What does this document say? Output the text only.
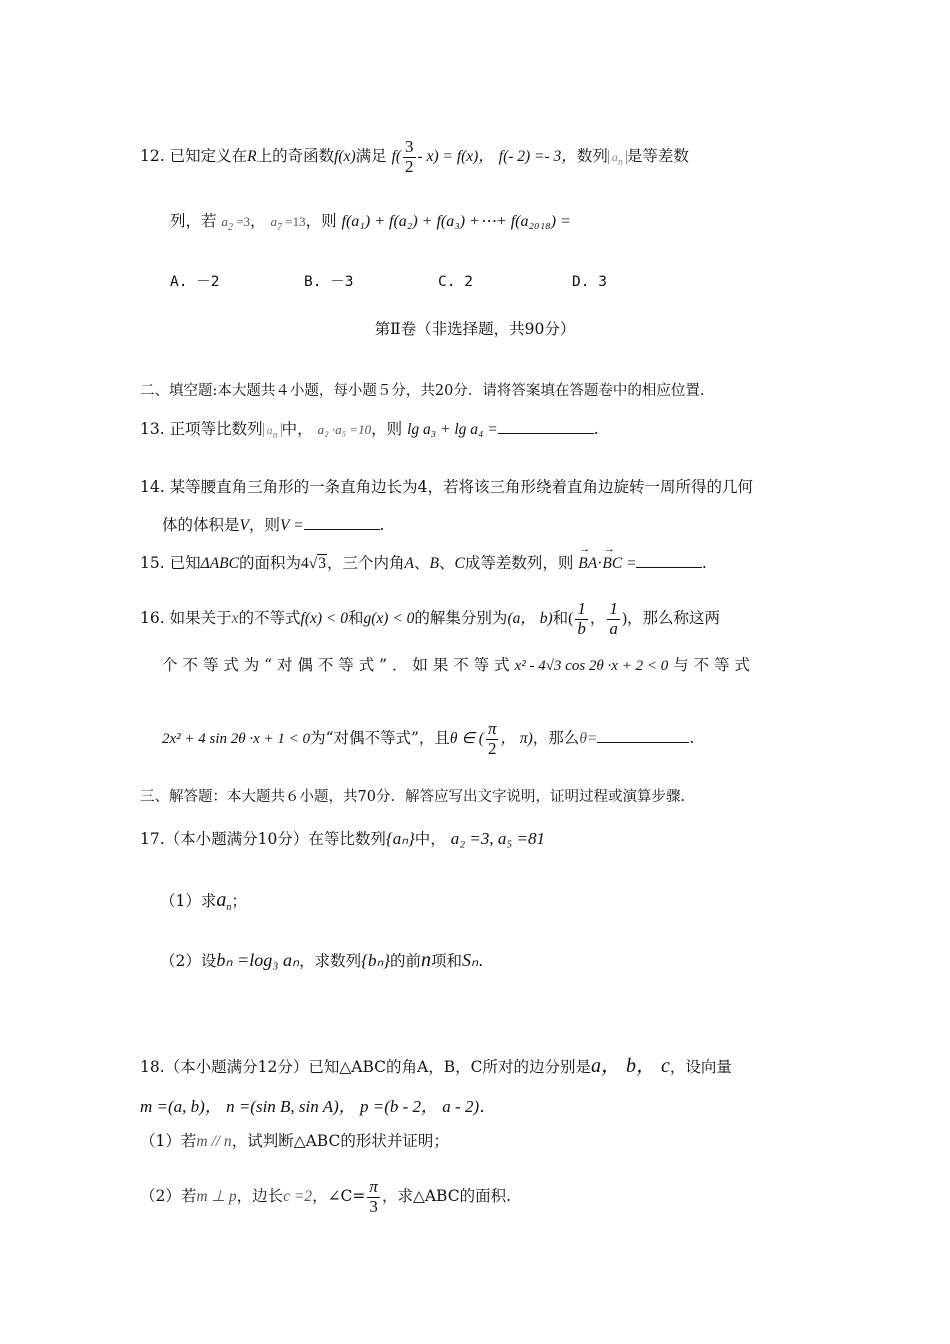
12. 已知定义在R上的奇函数f(x)满足 $f( \frac{3}{2} - x) = f(x)$， f(- 2) =- 3，数列 $a_n$ 是等差数
列，若 $a_2 =3$， $a_7 =13$，则 f(a₁) + f(a₂) + f(a₃) +⋯+ f(a₂₀₁₈) =
A. －2	B. －3	C. 2	D. 3
第Ⅱ卷（非选择题，共90分）
二、填空题:本大题共４小题，每小题５分，共20分．请将答案填在答题卷中的相应位置.
13. 正项等比数列 $a_n$ 中， a₂ ·a₅ =10，则 lg a₃ + lg a₄ =	.
14. 某等腰直角三角形的一条直角边长为4，若将该三角形绕着直角边旋转一周所得的几何
体的体积是V，则V =	.
15. 已知ΔABC的面积为4√3，三个内角A、B、C成等差数列，则 → BA·→ BC =	.
16. 如果关于x的不等式f(x) < 0和g(x) < 0的解集分别为(a， b)和( $\frac{1}{b}$ ， $\frac{1}{a}$ )，那么称这两
个 不 等 式 为 “ 对 偶 不 等 式 ” ． 如 果 不 等 式 x² - 4√3 cos 2θ ·x + 2 < 0 与 不 等 式
2x² + 4 sin 2θ ·x + 1 < 0为“对偶不等式”，且θ ∈ ( $\frac{\pi}{2}$ ， π)，那么θ=	.
三、解答题：本大题共６小题，共70分．解答应写出文字说明，证明过程或演算步骤.
17.（本小题满分10分）在等比数列{aₙ}中， a₂ =3, a₅ =81
（1）求$a_n$；
（2）设bₙ =log₃ aₙ，求数列{bₙ}的前n项和Sₙ.
18.（本小题满分12分）已知△ABC的角A，B，C所对的边分别是a， b， c，设向量
m =(a, b)， n =(sin B, sin A)， p =(b - 2， a - 2)．
（1）若m // n，试判断△ABC的形状并证明；
（2）若m ⊥ p，边长c =2，∠C= $\frac{\pi}{3}$ ，求△ABC的面积.
